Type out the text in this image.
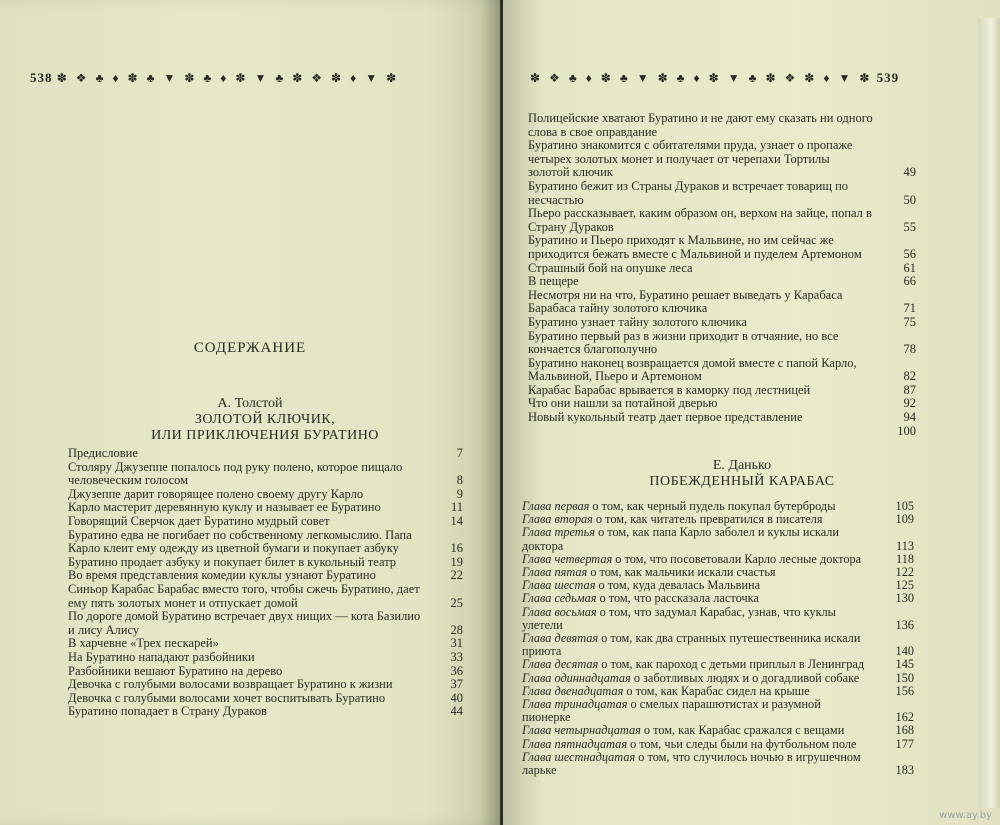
538 ✽ ❖ ♣ ♦ ✽ ♣ ▼ ✽ ♣ ♦ ✽ ▼ ♣ ✽ ❖ ✽ ♦ ▼ ✽
СОДЕРЖАНИЕ
А. Толстой
ЗОЛОТОЙ КЛЮЧИК,
ИЛИ ПРИКЛЮЧЕНИЯ БУРАТИНО
Предисловие	7
Столяру Джузеппе попалось под руку полено, которое пищало человеческим голосом	8
Джузеппе дарит говорящее полено своему другу Карло	9
Карло мастерит деревянную куклу и называет ее Буратино	11
Говорящий Сверчок дает Буратино мудрый совет	14
Буратино едва не погибает по собственному легкомыслию. Папа Карло клеит ему одежду из цветной бумаги и покупает азбуку	16
Буратино продает азбуку и покупает билет в кукольный театр	19
Во время представления комедии куклы узнают Буратино	22
Синьор Карабас Барабас вместо того, чтобы сжечь Буратино, дает ему пять золотых монет и отпускает домой	25
По дороге домой Буратино встречает двух нищих — кота Базилио и лису Алису	28
В харчевне «Трех пескарей»	31
На Буратино нападают разбойники	33
Разбойники вешают Буратино на дерево	36
Девочка с голубыми волосами возвращает Буратино к жизни	37
Девочка с голубыми волосами хочет воспитывать Буратино	40
Буратино попадает в Страну Дураков	44
✽ ❖ ♣ ♦ ✽ ♣ ▼ ✽ ♣ ♦ ✽ ▼ ♣ ✽ ❖ ✽ ♦ ▼ ✽ 539
Полицейские хватают Буратино и не дают ему сказать ни одного слова в свое оправдание
Буратино знакомится с обитателями пруда, узнает о пропаже четырех золотых монет и получает от черепахи Тортилы золотой ключик	49
Буратино бежит из Страны Дураков и встречает товарищ по несчастью	50
Пьеро рассказывает, каким образом он, верхом на зайце, попал в Страну Дураков	55
Буратино и Пьеро приходят к Мальвине, но им сейчас же приходится бежать вместе с Мальвиной и пуделем Артемоном	56
Страшный бой на опушке леса	61
В пещере	66
Несмотря ни на что, Буратино решает выведать у Карабаса Барабаса тайну золотого ключика	71
Буратино узнает тайну золотого ключика	75
Буратино первый раз в жизни приходит в отчаяние, но все кончается благополучно	78
Буратино наконец возвращается домой вместе с папой Карло, Мальвиной, Пьеро и Артемоном	82
Карабас Барабас врывается в каморку под лестницей	87
Что они нашли за потайной дверью	92
Новый кукольный театр дает первое представление	94
100
Е. Данько
ПОБЕЖДЕННЫЙ КАРАБАС
Глава первая о том, как черный пудель покупал бутерброды	105
Глава вторая о том, как читатель превратился в писателя	109
Глава третья о том, как папа Карло заболел и куклы искали доктора	113
Глава четвертая о том, что посоветовали Карло лесные доктора	118
Глава пятая о том, как мальчики искали счастья	122
Глава шестая о том, куда девалась Мальвина	125
Глава седьмая о том, что рассказала ласточка	130
Глава восьмая о том, что задумал Карабас, узнав, что куклы улетели	136
Глава девятая о том, как два странных путешественника искали приюта	140
Глава десятая о том, как пароход с детьми приплыл в Ленинград	145
Глава одиннадцатая о заботливых людях и о догадливой собаке	150
Глава двенадцатая о том, как Карабас сидел на крыше	156
Глава тринадцатая о смелых парашютистах и разумной пионерке	162
Глава четырнадцатая о том, как Карабас сражался с вещами	168
Глава пятнадцатая о том, чьи следы были на футбольном поле	177
Глава шестнадцатая о том, что случилось ночью в игрушечном ларьке	183
www.ay.by
